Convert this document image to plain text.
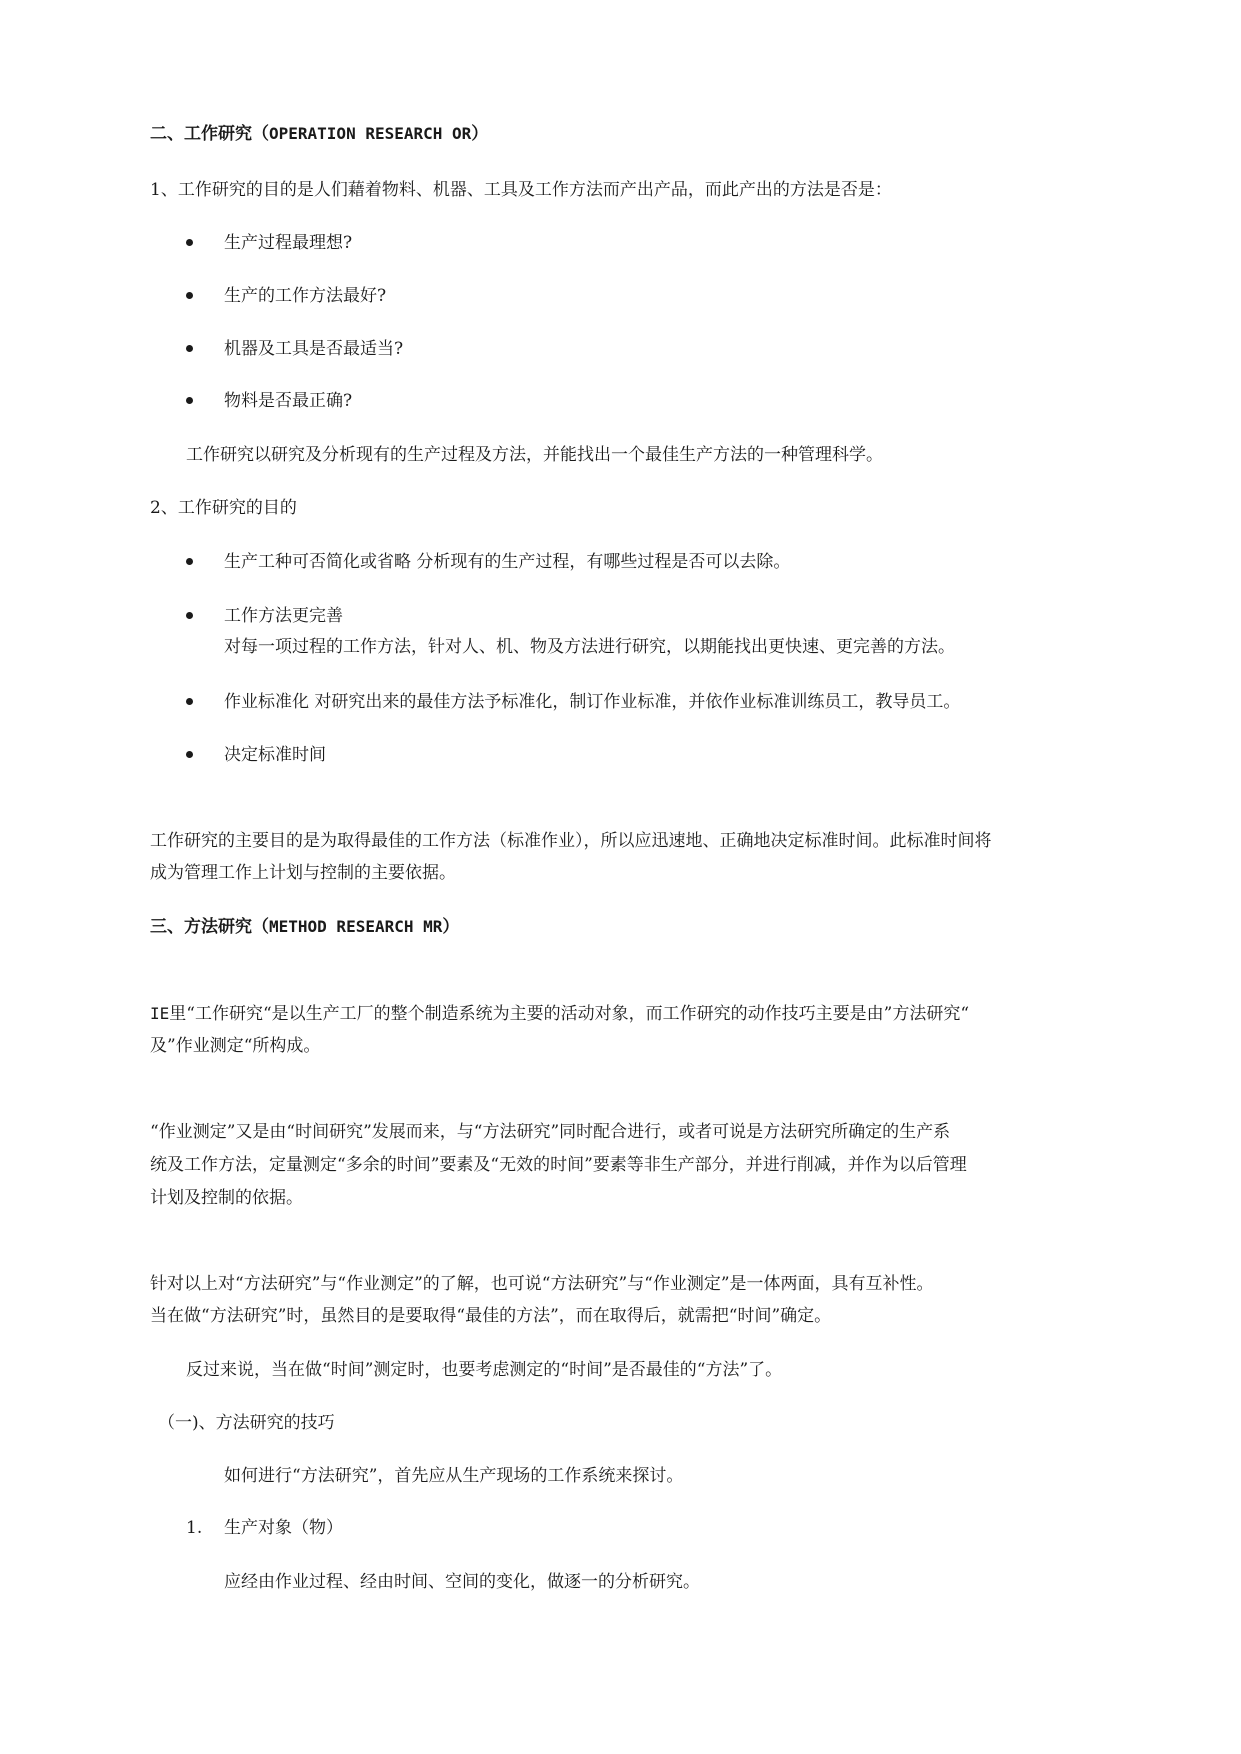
二、工作研究（OPERATION RESEARCH OR）
1、工作研究的目的是人们藉着物料、机器、工具及工作方法而产出产品，而此产出的方法是否是：
生产过程最理想?
生产的工作方法最好?
机器及工具是否最适当?
物料是否最正确?
工作研究以研究及分析现有的生产过程及方法，并能找出一个最佳生产方法的一种管理科学。
2、工作研究的目的
生产工种可否简化或省略 分析现有的生产过程，有哪些过程是否可以去除。
工作方法更完善
对每一项过程的工作方法，针对人、机、物及方法进行研究，以期能找出更快速、更完善的方法。
作业标准化 对研究出来的最佳方法予标准化，制订作业标准，并依作业标准训练员工，教导员工。
决定标准时间
工作研究的主要目的是为取得最佳的工作方法（标准作业），所以应迅速地、正确地决定标准时间。此标准时间将
成为管理工作上计划与控制的主要依据。
三、方法研究（METHOD RESEARCH MR）
IE里“工作研究“是以生产工厂的整个制造系统为主要的活动对象，而工作研究的动作技巧主要是由”方法研究“
及”作业测定“所构成。
“作业测定”又是由“时间研究”发展而来，与“方法研究”同时配合进行，或者可说是方法研究所确定的生产系
统及工作方法，定量测定“多余的时间”要素及“无效的时间”要素等非生产部分，并进行削减，并作为以后管理
计划及控制的依据。
针对以上对“方法研究”与“作业测定”的了解，也可说“方法研究”与“作业测定”是一体两面，具有互补性。
当在做“方法研究”时，虽然目的是要取得“最佳的方法”，而在取得后，就需把“时间”确定。
反过来说，当在做“时间”测定时，也要考虑测定的“时间”是否最佳的“方法”了。
（一)、方法研究的技巧
如何进行“方法研究”，首先应从生产现场的工作系统来探讨。
1. 生产对象（物）
应经由作业过程、经由时间、空间的变化，做逐一的分析研究。
